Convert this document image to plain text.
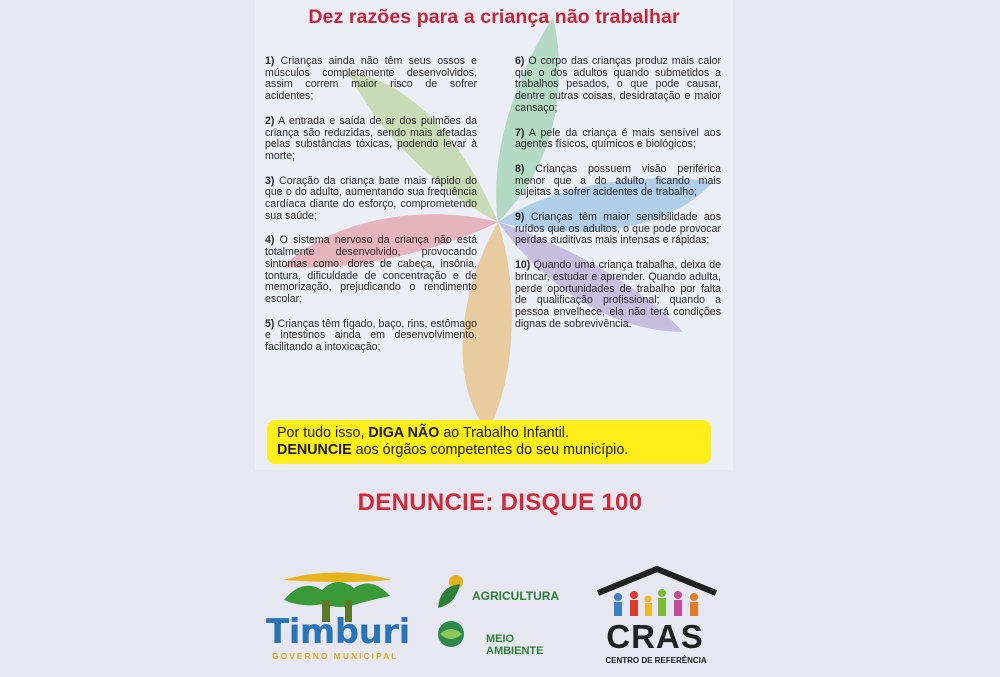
Dez razões para a criança não trabalhar

1) Crianças ainda não têm seus ossos e músculos completamente desenvolvidos, assim correm maior risco de sofrer acidentes;

2) A entrada e saída de ar dos pulmões da criança são reduzidas, sendo mais afetadas pelas substâncias tóxicas, podendo levar à morte;

3) Coração da criança bate mais rápido do que o do adulto, aumentando sua frequência cardíaca diante do esforço, comprometendo sua saúde;

4) O sistema nervoso da criança não está totalmente desenvolvido, provocando sintomas como: dores de cabeça, insônia, tontura, dificuldade de concentração e de memorização, prejudicando o rendimento escolar;

5) Crianças têm fígado, baço, rins, estômago e intestinos ainda em desenvolvimento, facilitando a intoxicação;

6) O corpo das crianças produz mais calor que o dos adultos quando submetidos a trabalhos pesados, o que pode causar, dentre outras coisas, desidratação e maior cansaço;

7) A pele da criança é mais sensível aos agentes físicos, químicos e biológicos;

8) Crianças possuem visão periférica menor que a do adulto, ficando mais sujeitas a sofrer acidentes de trabalho;

9) Crianças têm maior sensibilidade aos ruídos que os adultos, o que pode provocar perdas auditivas mais intensas e rápidas;

10) Quando uma criança trabalha, deixa de brincar, estudar e aprender. Quando adulta, perde oportunidades de trabalho por falta de qualificação profissional; quando a pessoa envelhece, ela não terá condições dignas de sobrevivência.

Por tudo isso, DIGA NÃO ao Trabalho Infantil.
DENUNCIE aos órgãos competentes do seu município.
DENUNCIE: DISQUE 100
Timburi
GOVERNO MUNICIPAL
AGRICULTURA
MEIO AMBIENTE	CRAS
CENTRO DE REFERÊNCIA
